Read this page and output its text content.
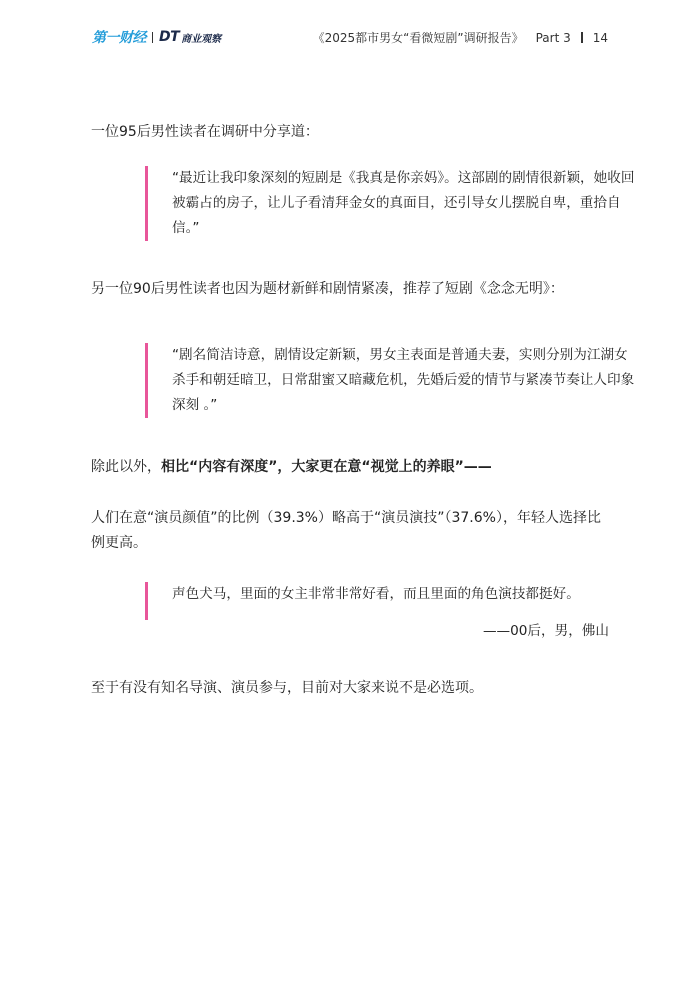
第一财经 DT 商业观察	《2025都市男女“看微短剧”调研报告》 Part 3 14
一位95后男性读者在调研中分享道：
“最近让我印象深刻的短剧是《我真是你亲妈》。这部剧的剧情很新颖，她收回被霸占的房子，让儿子看清拜金女的真面目，还引导女儿摆脱自卑，重拾自信。”
另一位90后男性读者也因为题材新鲜和剧情紧凑，推荐了短剧《念念无明》：
“剧名简洁诗意，剧情设定新颖，男女主表面是普通夫妻，实则分别为江湖女杀手和朝廷暗卫，日常甜蜜又暗藏危机，先婚后爱的情节与紧凑节奏让人印象深刻 。”
除此以外，相比“内容有深度”，大家更在意“视觉上的养眼”——
人们在意“演员颜值”的比例（39.3%）略高于“演员演技”（37.6%），年轻人选择比例更高。
声色犬马，里面的女主非常非常好看，而且里面的角色演技都挺好。
——00后，男，佛山
至于有没有知名导演、演员参与，目前对大家来说不是必选项。
